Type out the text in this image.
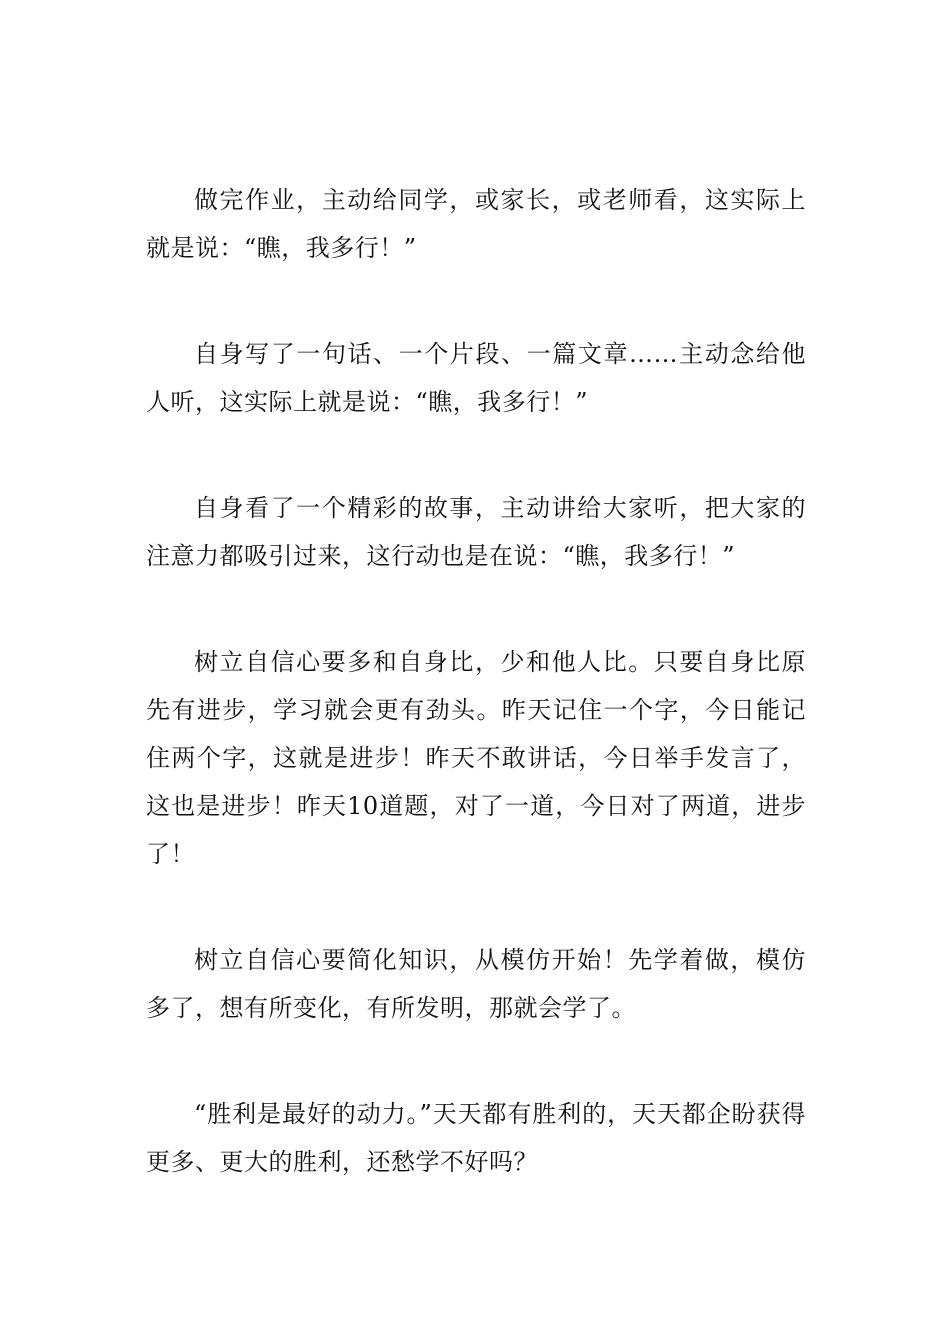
做完作业，主动给同学，或家长，或老师看，这实际上就是说：“瞧，我多行！”

自身写了一句话、一个片段、一篇文章……主动念给他人听，这实际上就是说：“瞧，我多行！”

自身看了一个精彩的故事，主动讲给大家听，把大家的注意力都吸引过来，这行动也是在说：“瞧，我多行！”

树立自信心要多和自身比，少和他人比。只要自身比原先有进步，学习就会更有劲头。昨天记住一个字，今日能记住两个字，这就是进步！昨天不敢讲话，今日举手发言了，这也是进步！昨天10道题，对了一道，今日对了两道，进步了！

树立自信心要简化知识，从模仿开始！先学着做，模仿多了，想有所变化，有所发明，那就会学了。

“胜利是最好的动力。”天天都有胜利的，天天都企盼获得更多、更大的胜利，还愁学不好吗？
